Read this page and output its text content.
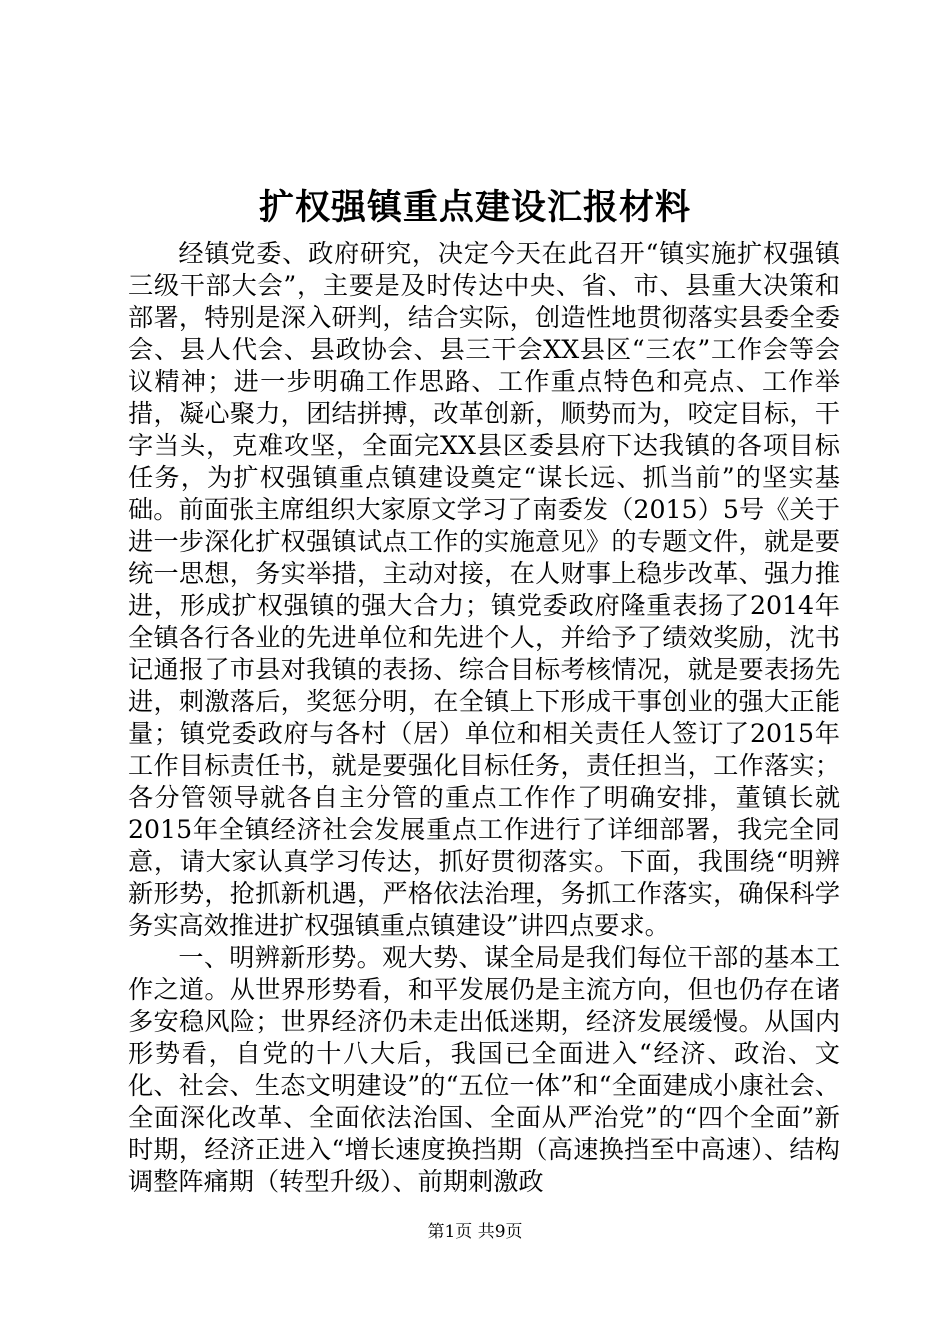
扩权强镇重点建设汇报材料

经镇党委、政府研究，决定今天在此召开“镇实施扩权强镇三级干部大会”，主要是及时传达中央、省、市、县重大决策和部署，特别是深入研判，结合实际，创造性地贯彻落实县委全委会、县人代会、县政协会、县三干会XX县区“三农”工作会等会议精神；进一步明确工作思路、工作重点特色和亮点、工作举措，凝心聚力，团结拼搏，改革创新，顺势而为，咬定目标，干字当头，克难攻坚，全面完XX县区委县府下达我镇的各项目标任务，为扩权强镇重点镇建设奠定“谋长远、抓当前”的坚实基础。前面张主席组织大家原文学习了南委发（2015）5号《关于进一步深化扩权强镇试点工作的实施意见》的专题文件，就是要统一思想，务实举措，主动对接，在人财事上稳步改革、强力推进，形成扩权强镇的强大合力；镇党委政府隆重表扬了2014年全镇各行各业的先进单位和先进个人，并给予了绩效奖励，沈书记通报了市县对我镇的表扬、综合目标考核情况，就是要表扬先进，刺激落后，奖惩分明，在全镇上下形成干事创业的强大正能量；镇党委政府与各村（居）单位和相关责任人签订了2015年工作目标责任书，就是要强化目标任务，责任担当，工作落实；各分管领导就各自主分管的重点工作作了明确安排，董镇长就2015年全镇经济社会发展重点工作进行了详细部署，我完全同意，请大家认真学习传达，抓好贯彻落实。下面，我围绕“明辨新形势，抢抓新机遇，严格依法治理，务抓工作落实，确保科学务实高效推进扩权强镇重点镇建设”讲四点要求。

一、明辨新形势。观大势、谋全局是我们每位干部的基本工作之道。从世界形势看，和平发展仍是主流方向，但也仍存在诸多安稳风险；世界经济仍未走出低迷期，经济发展缓慢。从国内形势看，自党的十八大后，我国已全面进入“经济、政治、文化、社会、生态文明建设”的“五位一体”和“全面建成小康社会、全面深化改革、全面依法治国、全面从严治党”的“四个全面”新时期，经济正进入“增长速度换挡期（高速换挡至中高速）、结构调整阵痛期（转型升级）、前期刺激政

第1页 共9页
